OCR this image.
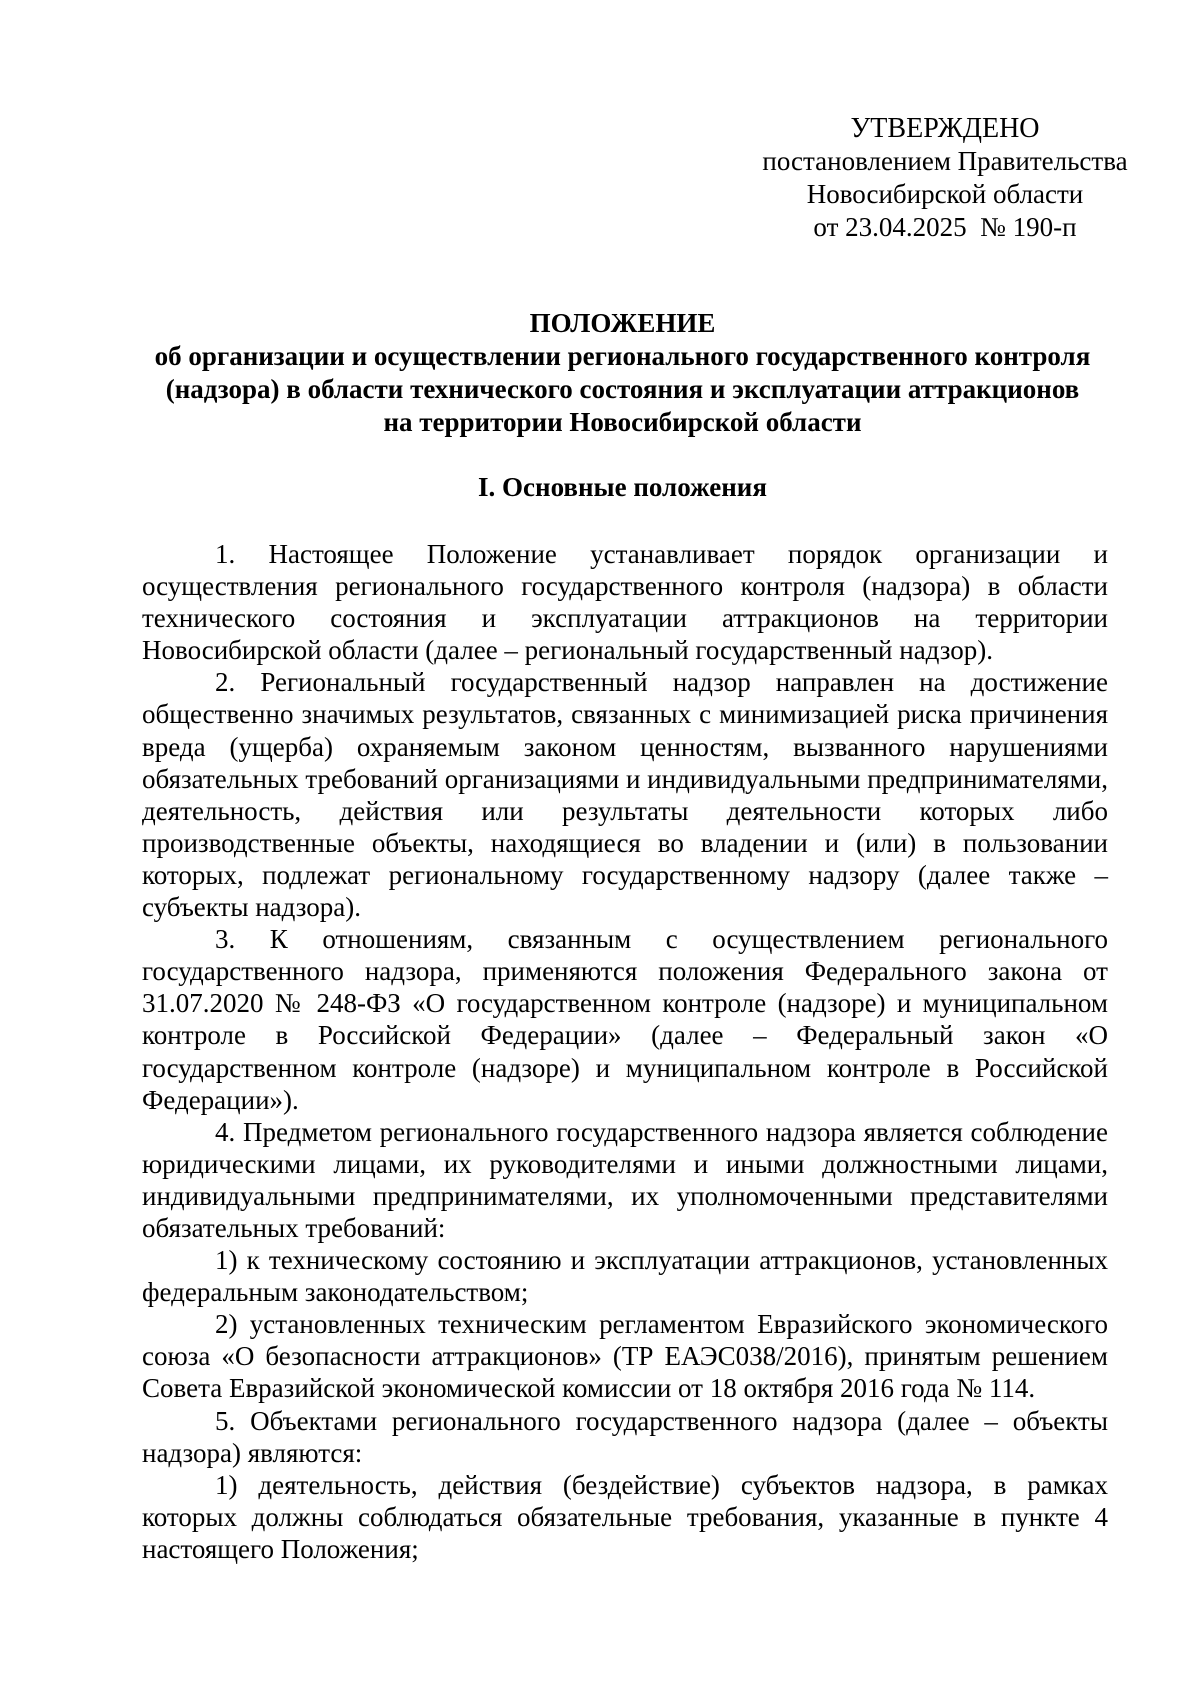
УТВЕРЖДЕНО
постановлением Правительства
Новосибирской области
от 23.04.2025  № 190-п
ПОЛОЖЕНИЕ
об организации и осуществлении регионального государственного контроля
(надзора) в области технического состояния и эксплуатации аттракционов
на территории Новосибирской области
I. Основные положения

1. Настоящее Положение устанавливает порядок организации и осуществления регионального государственного контроля (надзора) в области технического состояния и эксплуатации аттракционов на территории Новосибирской области (далее – региональный государственный надзор).

2. Региональный государственный надзор направлен на достижение общественно значимых результатов, связанных с минимизацией риска причинения вреда (ущерба) охраняемым законом ценностям, вызванного нарушениями обязательных требований организациями и индивидуальными предпринимателями, деятельность, действия или результаты деятельности которых либо производственные объекты, находящиеся во владении и (или) в пользовании которых, подлежат региональному государственному надзору (далее также – субъекты надзора).

3. К отношениям, связанным с осуществлением регионального государственного надзора, применяются положения Федерального закона от 31.07.2020 № 248-ФЗ «О государственном контроле (надзоре) и муниципальном контроле в Российской Федерации» (далее – Федеральный закон «О государственном контроле (надзоре) и муниципальном контроле в Российской Федерации»).

4. Предметом регионального государственного надзора является соблюдение юридическими лицами, их руководителями и иными должностными лицами, индивидуальными предпринимателями, их уполномоченными представителями обязательных требований:

1) к техническому состоянию и эксплуатации аттракционов, установленных федеральным законодательством;

2) установленных техническим регламентом Евразийского экономического союза «О безопасности аттракционов» (ТР ЕАЭС038/2016), принятым решением Совета Евразийской экономической комиссии от 18 октября 2016 года № 114.

5. Объектами регионального государственного надзора (далее – объекты надзора) являются:

1) деятельность, действия (бездействие) субъектов надзора, в рамках которых должны соблюдаться обязательные требования, указанные в пункте 4 настоящего Положения;
